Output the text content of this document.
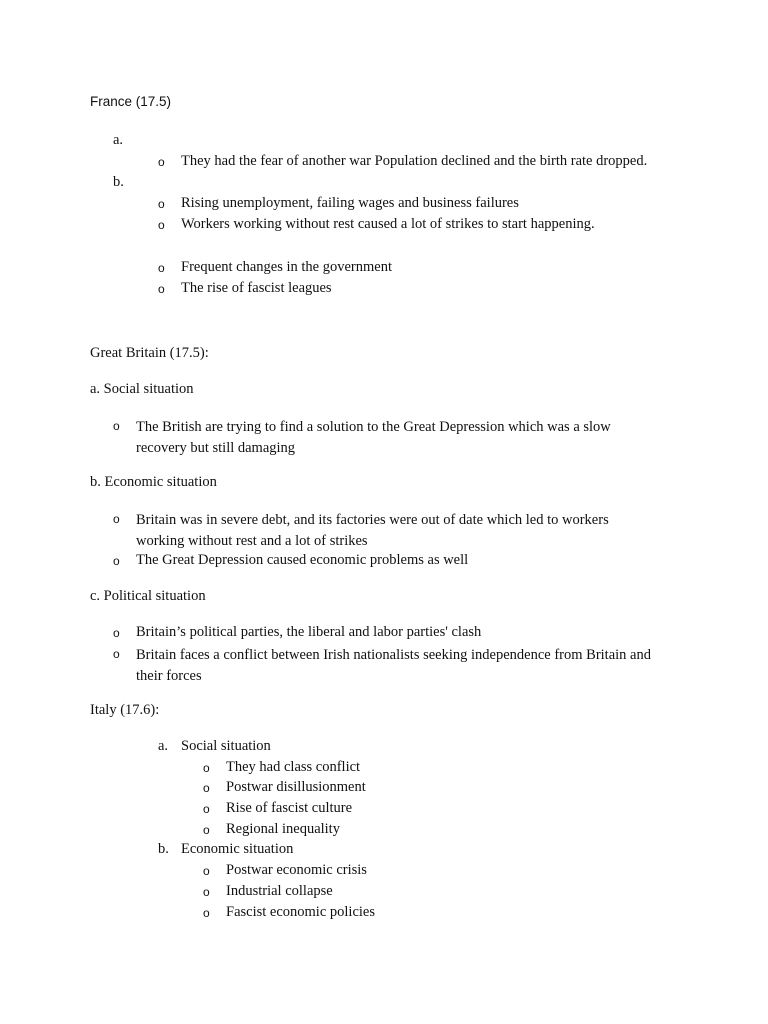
France (17.5)
a.
o They had the fear of another war Population declined and the birth rate dropped.
b.
o Rising unemployment, failing wages and business failures
o Workers working without rest caused a lot of strikes to start happening.
o Frequent changes in the government
o The rise of fascist leagues
Great Britain (17.5):
a. Social situation
o The British are trying to find a solution to the Great Depression which was a slow recovery but still damaging
b. Economic situation
o Britain was in severe debt, and its factories were out of date which led to workers working without rest and a lot of strikes
o The Great Depression caused economic problems as well
c. Political situation
o Britain’s political parties, the liberal and labor parties' clash
o Britain faces a conflict between Irish nationalists seeking independence from Britain and their forces
Italy (17.6):
a. Social situation
o They had class conflict
o Postwar disillusionment
o Rise of fascist culture
o Regional inequality
b. Economic situation
o Postwar economic crisis
o Industrial collapse
o Fascist economic policies
